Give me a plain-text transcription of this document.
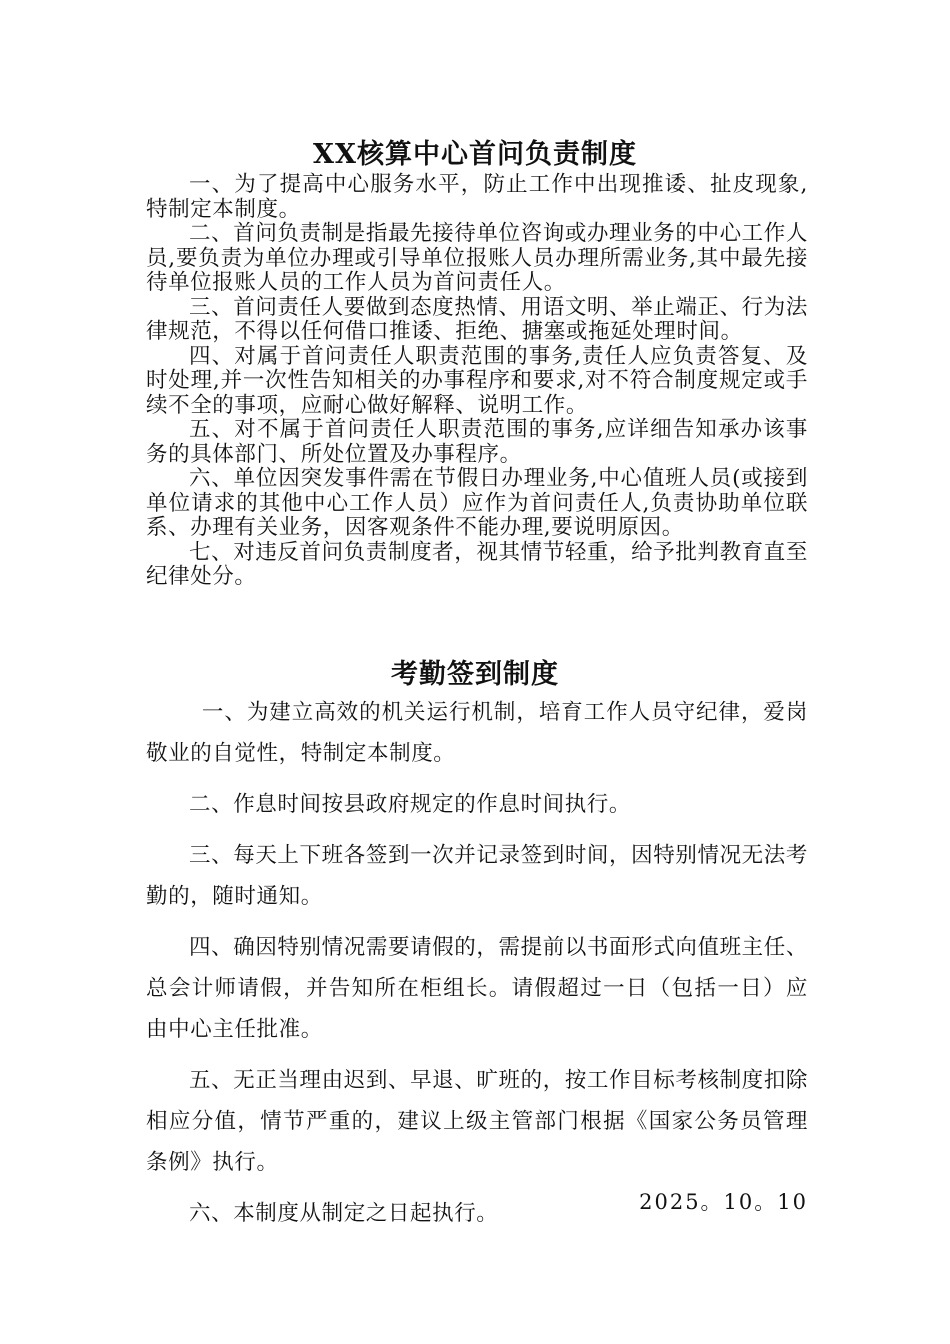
XX核算中心首问负责制度

一、为了提高中心服务水平，防止工作中出现推诿、扯皮现象,特制定本制度。

二、首问负责制是指最先接待单位咨询或办理业务的中心工作人员,要负责为单位办理或引导单位报账人员办理所需业务,其中最先接待单位报账人员的工作人员为首问责任人。

三、首问责任人要做到态度热情、用语文明、举止端正、行为法律规范，不得以任何借口推诿、拒绝、搪塞或拖延处理时间。

四、对属于首问责任人职责范围的事务,责任人应负责答复、及时处理,并一次性告知相关的办事程序和要求,对不符合制度规定或手续不全的事项，应耐心做好解释、说明工作。

五、对不属于首问责任人职责范围的事务,应详细告知承办该事务的具体部门、所处位置及办事程序。

六、单位因突发事件需在节假日办理业务,中心值班人员(或接到单位请求的其他中心工作人员）应作为首问责任人,负责协助单位联系、办理有关业务，因客观条件不能办理,要说明原因。

七、对违反首问负责制度者，视其情节轻重，给予批判教育直至纪律处分。

考勤签到制度

一、为建立高效的机关运行机制，培育工作人员守纪律，爱岗敬业的自觉性，特制定本制度。

二、作息时间按县政府规定的作息时间执行。

三、每天上下班各签到一次并记录签到时间，因特别情况无法考勤的，随时通知。

四、确因特别情况需要请假的，需提前以书面形式向值班主任、总会计师请假，并告知所在柜组长。请假超过一日（包括一日）应由中心主任批准。

五、无正当理由迟到、早退、旷班的，按工作目标考核制度扣除相应分值，情节严重的，建议上级主管部门根据《国家公务员管理条例》执行。

六、本制度从制定之日起执行。	2025。10。10
